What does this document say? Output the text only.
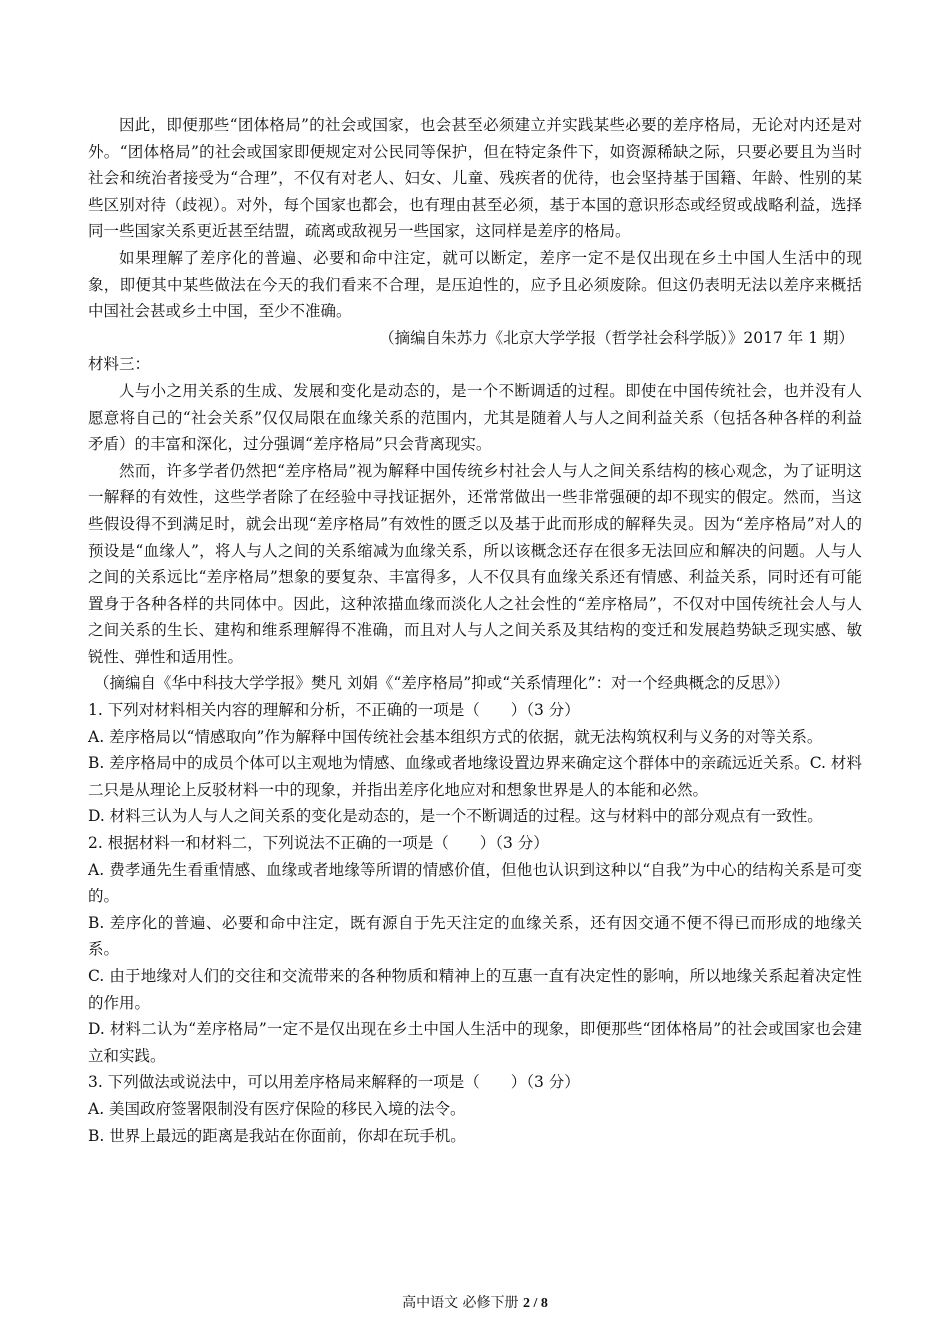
因此，即便那些“团体格局”的社会或国家，也会甚至必须建立并实践某些必要的差序格局，无论对内还是对外。“团体格局”的社会或国家即便规定对公民同等保护，但在特定条件下，如资源稀缺之际，只要必要且为当时社会和统治者接受为“合理”，不仅有对老人、妇女、儿童、残疾者的优待，也会坚持基于国籍、年龄、性别的某些区别对待（歧视）。对外，每个国家也都会，也有理由甚至必须，基于本国的意识形态或经贸或战略利益，选择同一些国家关系更近甚至结盟，疏离或敌视另一些国家，这同样是差序的格局。

如果理解了差序化的普遍、必要和命中注定，就可以断定，差序一定不是仅出现在乡土中国人生活中的现象，即便其中某些做法在今天的我们看来不合理，是压迫性的，应予且必须废除。但这仍表明无法以差序来概括中国社会甚或乡土中国，至少不准确。

（摘编自朱苏力《北京大学学报（哲学社会科学版）》2017 年 1 期）

材料三：

人与小之用关系的生成、发展和变化是动态的，是一个不断调适的过程。即使在中国传统社会，也并没有人愿意将自己的“社会关系”仅仅局限在血缘关系的范围内，尤其是随着人与人之间利益关系（包括各种各样的利益矛盾）的丰富和深化，过分强调“差序格局”只会背离现实。

然而，许多学者仍然把“差序格局”视为解释中国传统乡村社会人与人之间关系结构的核心观念，为了证明这一解释的有效性，这些学者除了在经验中寻找证据外，还常常做出一些非常强硬的却不现实的假定。然而，当这些假设得不到满足时，就会出现“差序格局”有效性的匮乏以及基于此而形成的解释失灵。因为“差序格局”对人的预设是“血缘人”，将人与人之间的关系缩减为血缘关系，所以该概念还存在很多无法回应和解决的问题。人与人之间的关系远比“差序格局”想象的要复杂、丰富得多，人不仅具有血缘关系还有情感、利益关系，同时还有可能置身于各种各样的共同体中。因此，这种浓描血缘而淡化人之社会性的“差序格局”，不仅对中国传统社会人与人之间关系的生长、建构和维系理解得不准确，而且对人与人之间关系及其结构的变迁和发展趋势缺乏现实感、敏锐性、弹性和适用性。

（摘编自《华中科技大学学报》樊凡 刘娟《“差序格局”抑或“关系情理化”：对一个经典概念的反思》）

1. 下列对材料相关内容的理解和分析，不正确的一项是（　　）（3 分）

A. 差序格局以“情感取向”作为解释中国传统社会基本组织方式的依据，就无法构筑权利与义务的对等关系。

B. 差序格局中的成员个体可以主观地为情感、血缘或者地缘设置边界来确定这个群体中的亲疏远近关系。C. 材料二只是从理论上反驳材料一中的现象，并指出差序化地应对和想象世界是人的本能和必然。

D. 材料三认为人与人之间关系的变化是动态的，是一个不断调适的过程。这与材料中的部分观点有一致性。

2. 根据材料一和材料二，下列说法不正确的一项是（　　）（3 分）

A. 费孝通先生看重情感、血缘或者地缘等所谓的情感价值，但他也认识到这种以“自我”为中心的结构关系是可变的。

B. 差序化的普遍、必要和命中注定，既有源自于先天注定的血缘关系，还有因交通不便不得已而形成的地缘关系。

C. 由于地缘对人们的交往和交流带来的各种物质和精神上的互惠一直有决定性的影响，所以地缘关系起着决定性的作用。

D. 材料二认为“差序格局”一定不是仅出现在乡土中国人生活中的现象，即便那些“团体格局”的社会或国家也会建立和实践。

3. 下列做法或说法中，可以用差序格局来解释的一项是（　　）（3 分）

A. 美国政府签署限制没有医疗保险的移民入境的法令。

B. 世界上最远的距离是我站在你面前，你却在玩手机。

高中语文 必修下册 2 / 8
